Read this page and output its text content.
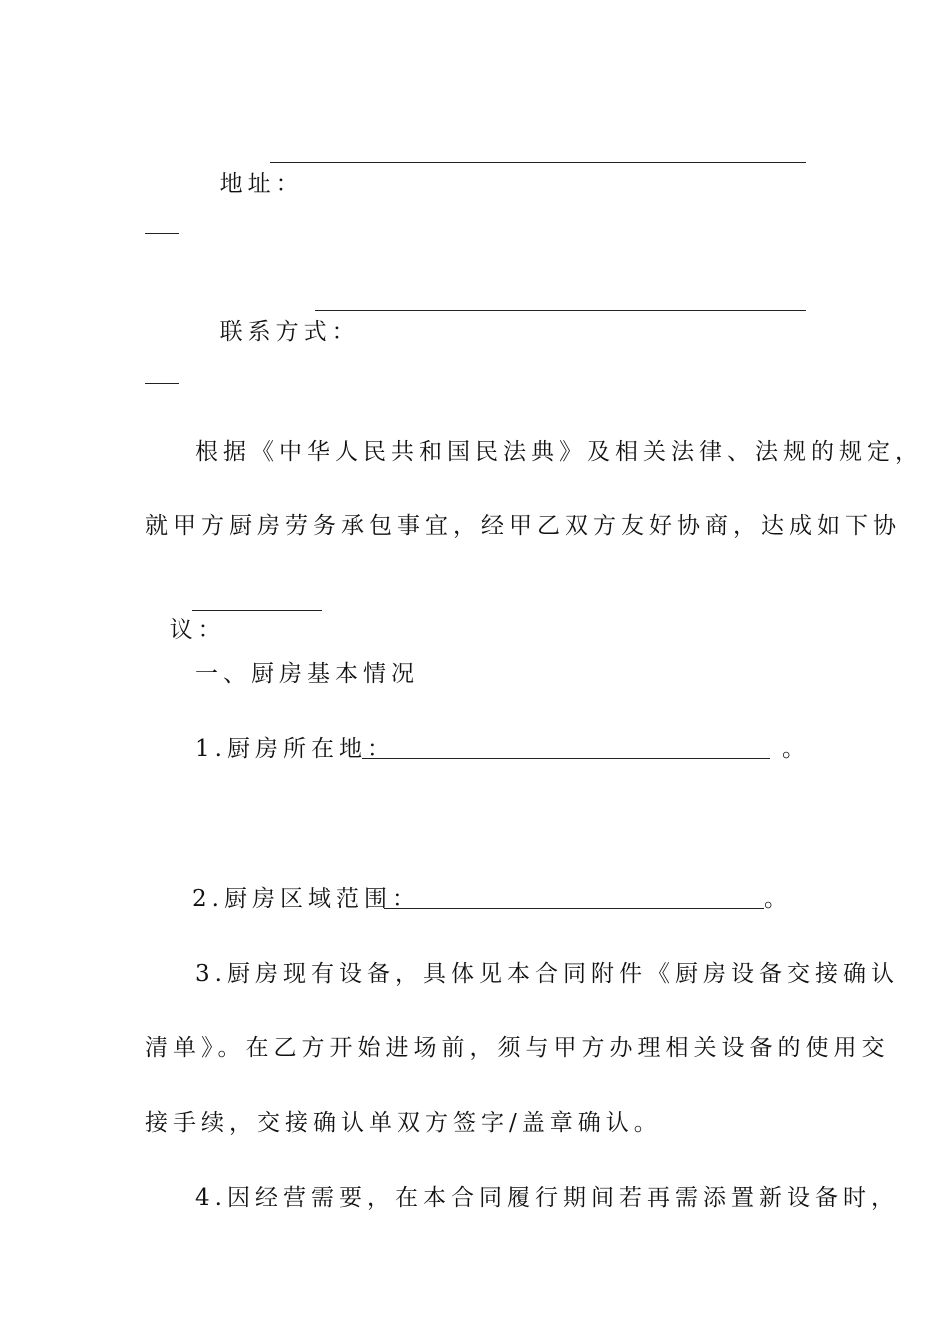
地址：

联系方式：

根据《中华人民共和国民法典》及相关法律、法规的规定，
就甲方厨房劳务承包事宜，经甲乙双方友好协商，达成如下协

议：

一、厨房基本情况
1.厨房所在地：	。
2.厨房区域范围：	。
3.厨房现有设备，具体见本合同附件《厨房设备交接确认
清单》。在乙方开始进场前，须与甲方办理相关设备的使用交
接手续，交接确认单双方签字/盖章确认。
4.因经营需要，在本合同履行期间若再需添置新设备时，
